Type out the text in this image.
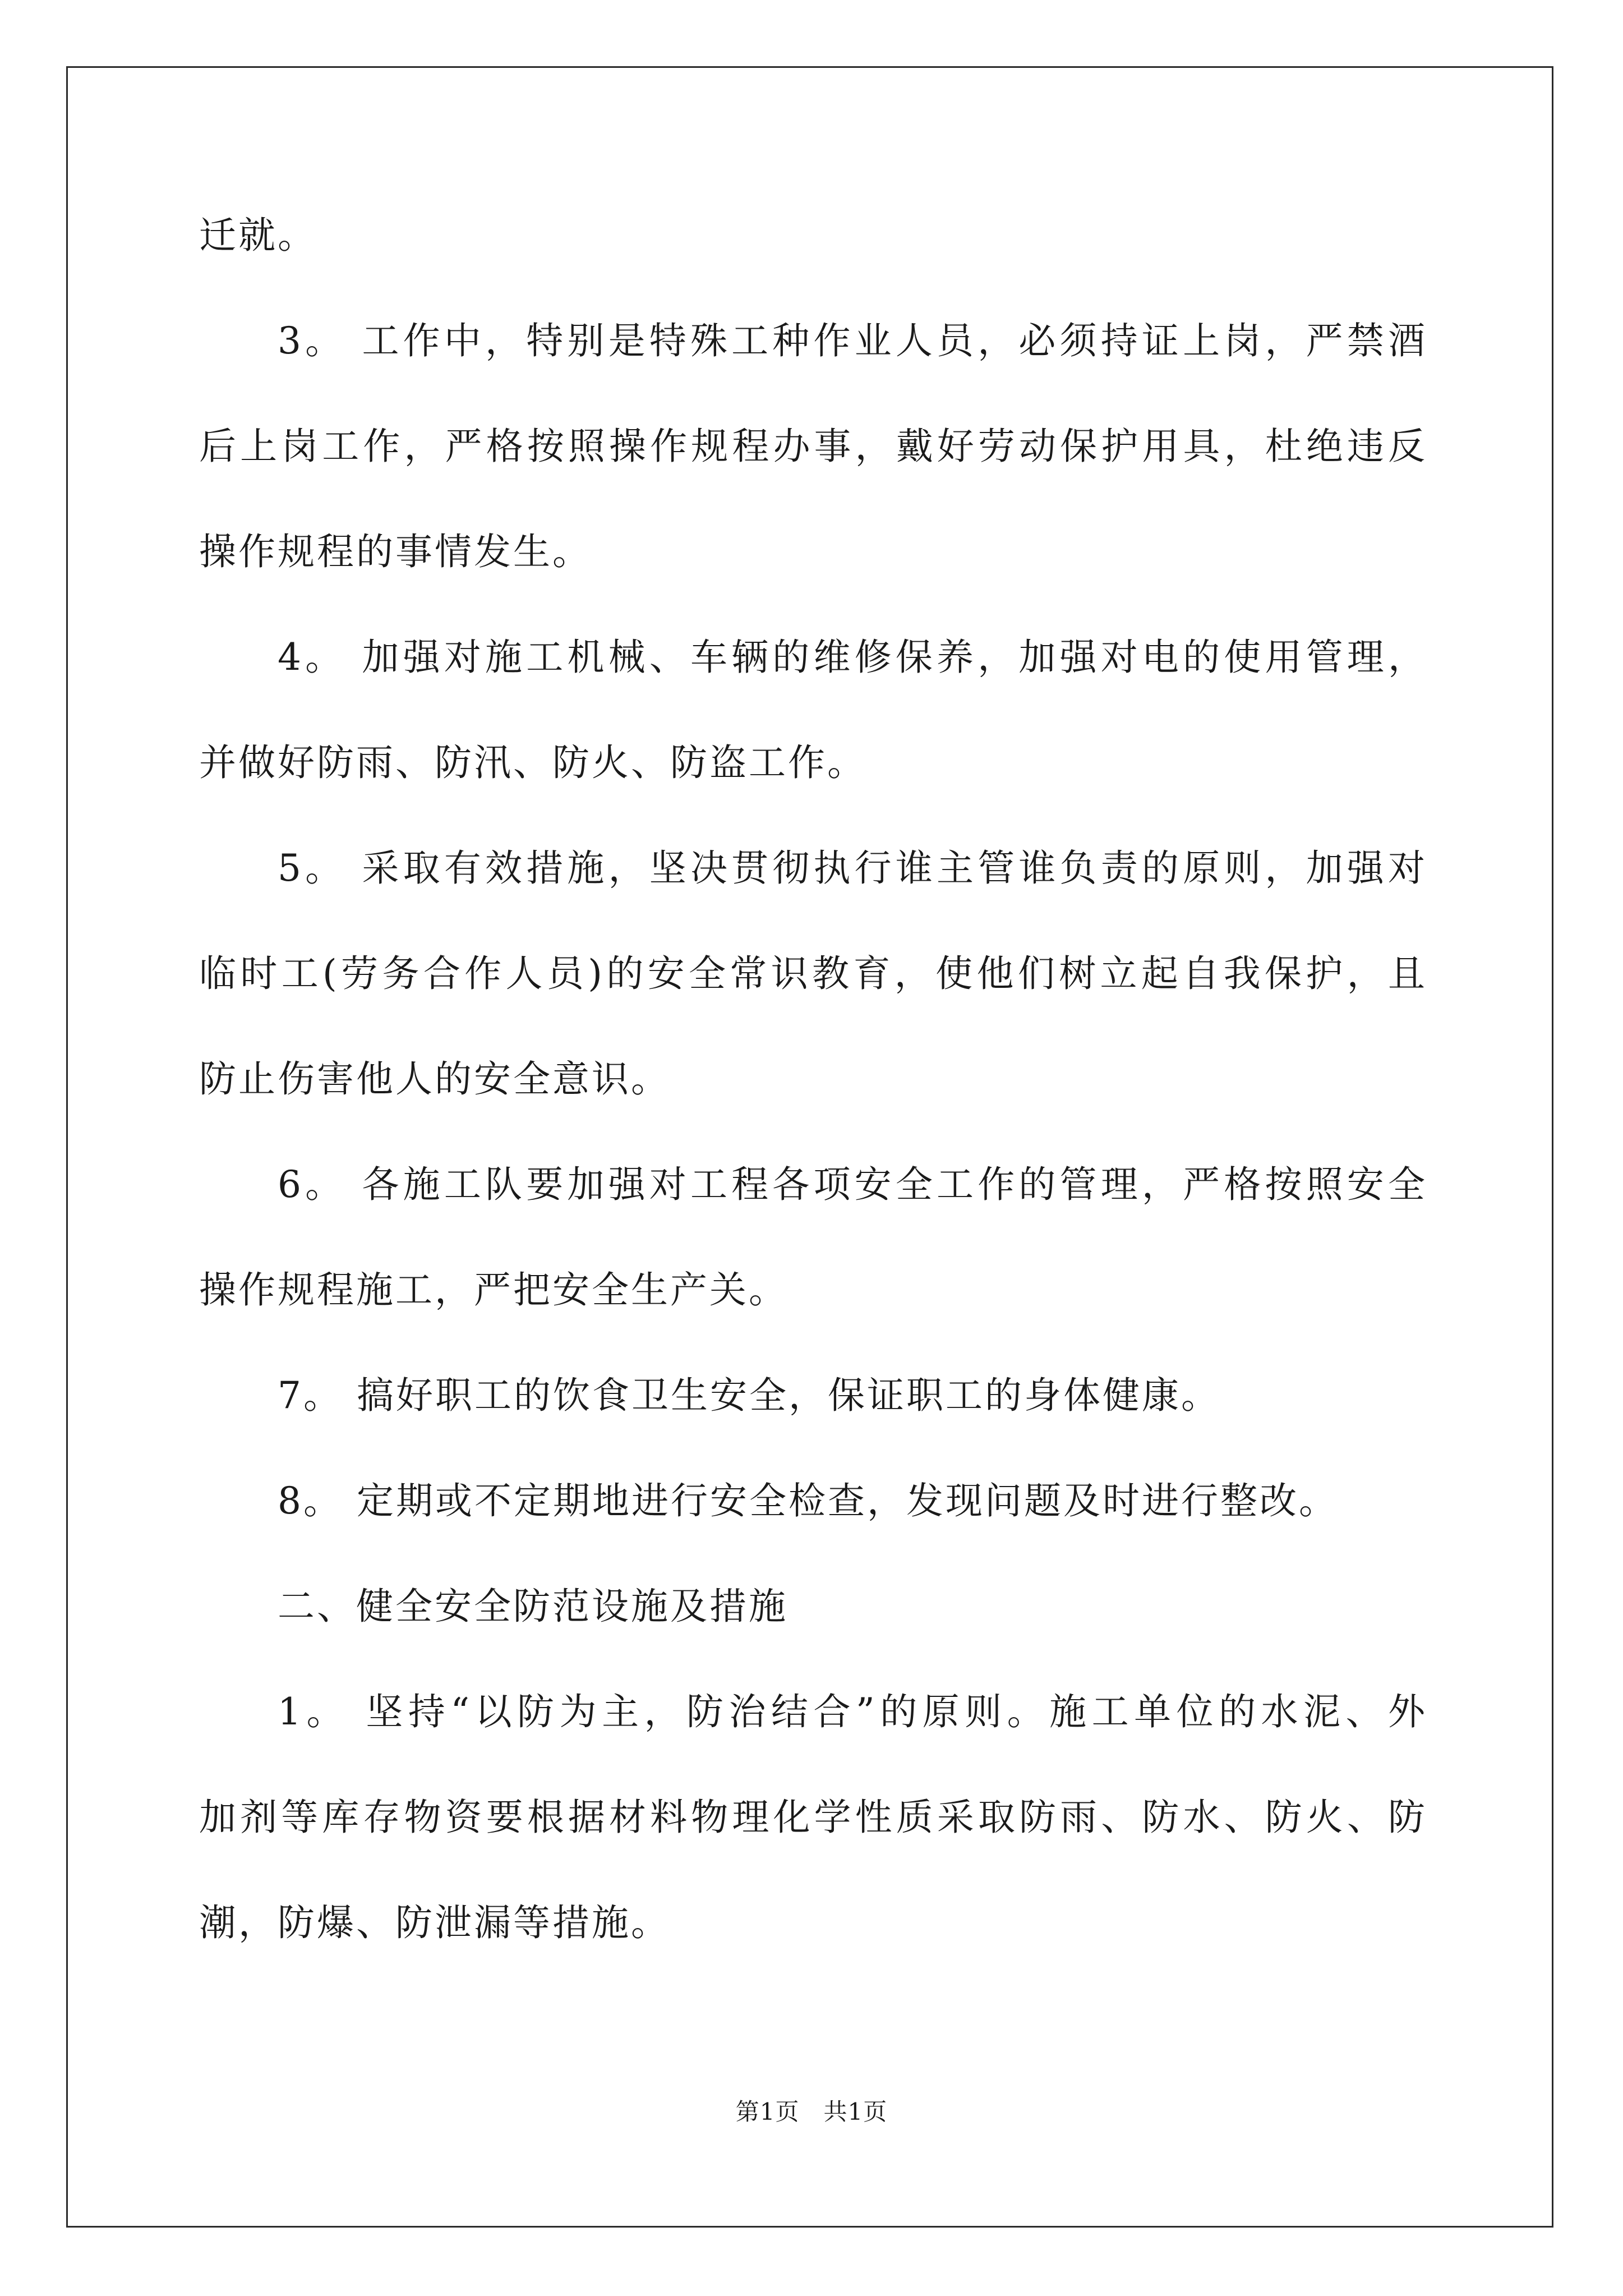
迁就。
3。 工作中，特别是特殊工种作业人员，必须持证上岗，严禁酒
后上岗工作，严格按照操作规程办事，戴好劳动保护用具，杜绝违反
操作规程的事情发生。
4。 加强对施工机械、车辆的维修保养，加强对电的使用管理，
并做好防雨、防汛、防火、防盗工作。
5。 采取有效措施，坚决贯彻执行谁主管谁负责的原则，加强对
临时工(劳务合作人员)的安全常识教育，使他们树立起自我保护，且
防止伤害他人的安全意识。
6。 各施工队要加强对工程各项安全工作的管理，严格按照安全
操作规程施工，严把安全生产关。
7。 搞好职工的饮食卫生安全，保证职工的身体健康。
8。 定期或不定期地进行安全检查，发现问题及时进行整改。
二、健全安全防范设施及措施
1。 坚持“以防为主，防治结合”的原则。施工单位的水泥、外
加剂等库存物资要根据材料物理化学性质采取防雨、防水、防火、防
潮，防爆、防泄漏等措施。
第1页　共1页
